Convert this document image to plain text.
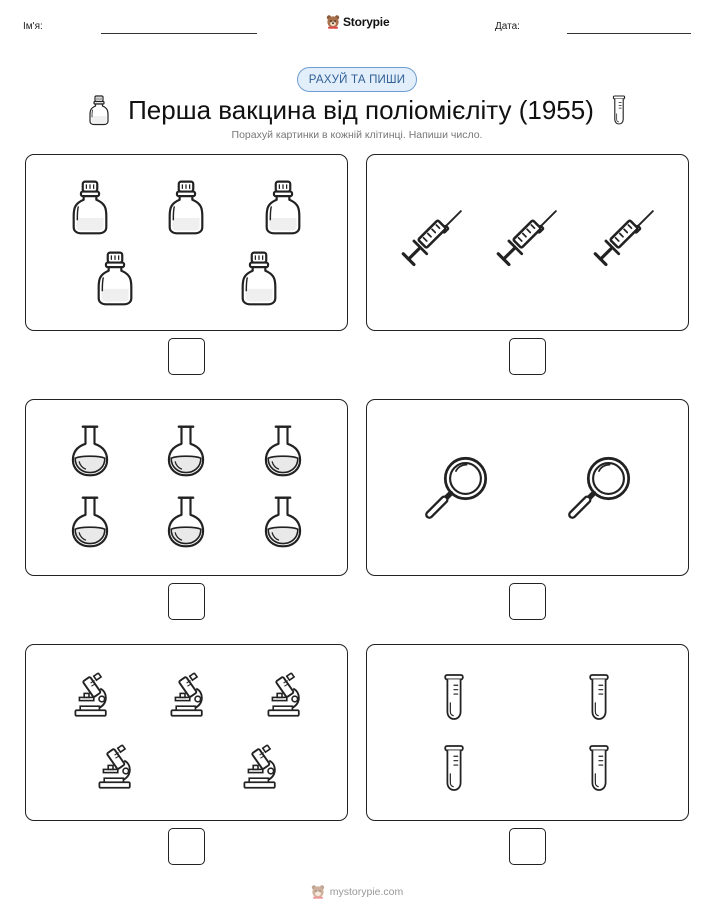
Ім'я:	Storypie	Дата:
РАХУЙ ТА ПИШИ
Перша вакцина від поліомієліту (1955)
Порахуй картинки в кожній клітинці. Напиши число.
mystorypie.com
